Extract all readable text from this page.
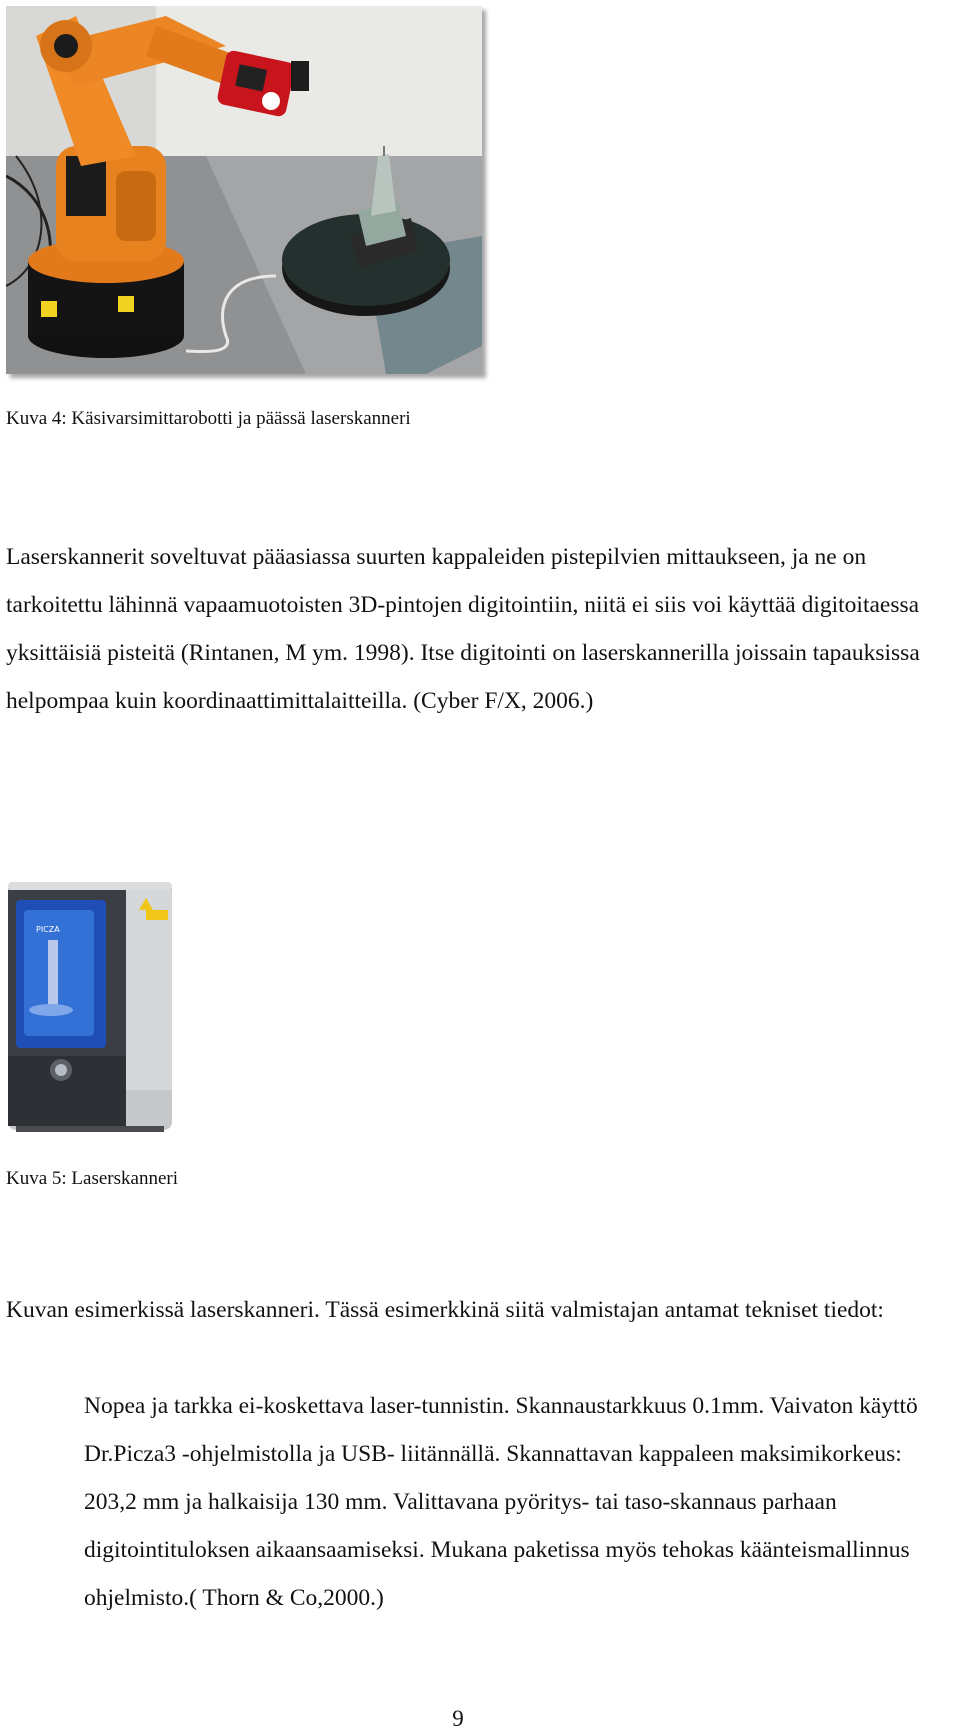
Kuva 4: Käsivarsimittarobotti ja päässä laserskanneri

Laserskannerit soveltuvat pääasiassa suurten kappaleiden pistepilvien mittaukseen, ja ne on tarkoitettu lähinnä vapaamuotoisten 3D-pintojen digitointiin, niitä ei siis voi käyttää digitoitaessa yksittäisiä pisteitä (Rintanen, M ym. 1998). Itse digitointi on laserskannerilla joissain tapauksissa helpompaa kuin koordinaattimittalaitteilla. (Cyber F/X, 2006.)

PICZA
Kuva 5: Laserskanneri

Kuvan esimerkissä laserskanneri. Tässä esimerkkinä siitä valmistajan antamat tekniset tiedot:

Nopea ja tarkka ei-koskettava laser-tunnistin. Skannaustarkkuus 0.1mm. Vaivaton käyttö Dr.Picza3 -ohjelmistolla ja USB- liitännällä. Skannattavan kappaleen maksimikorkeus: 203,2 mm ja halkaisija 130 mm. Valittavana pyöritys- tai taso-skannaus parhaan digitointituloksen aikaansaamiseksi. Mukana paketissa myös tehokas käänteismallinnus ohjelmisto.( Thorn & Co,2000.)

9
